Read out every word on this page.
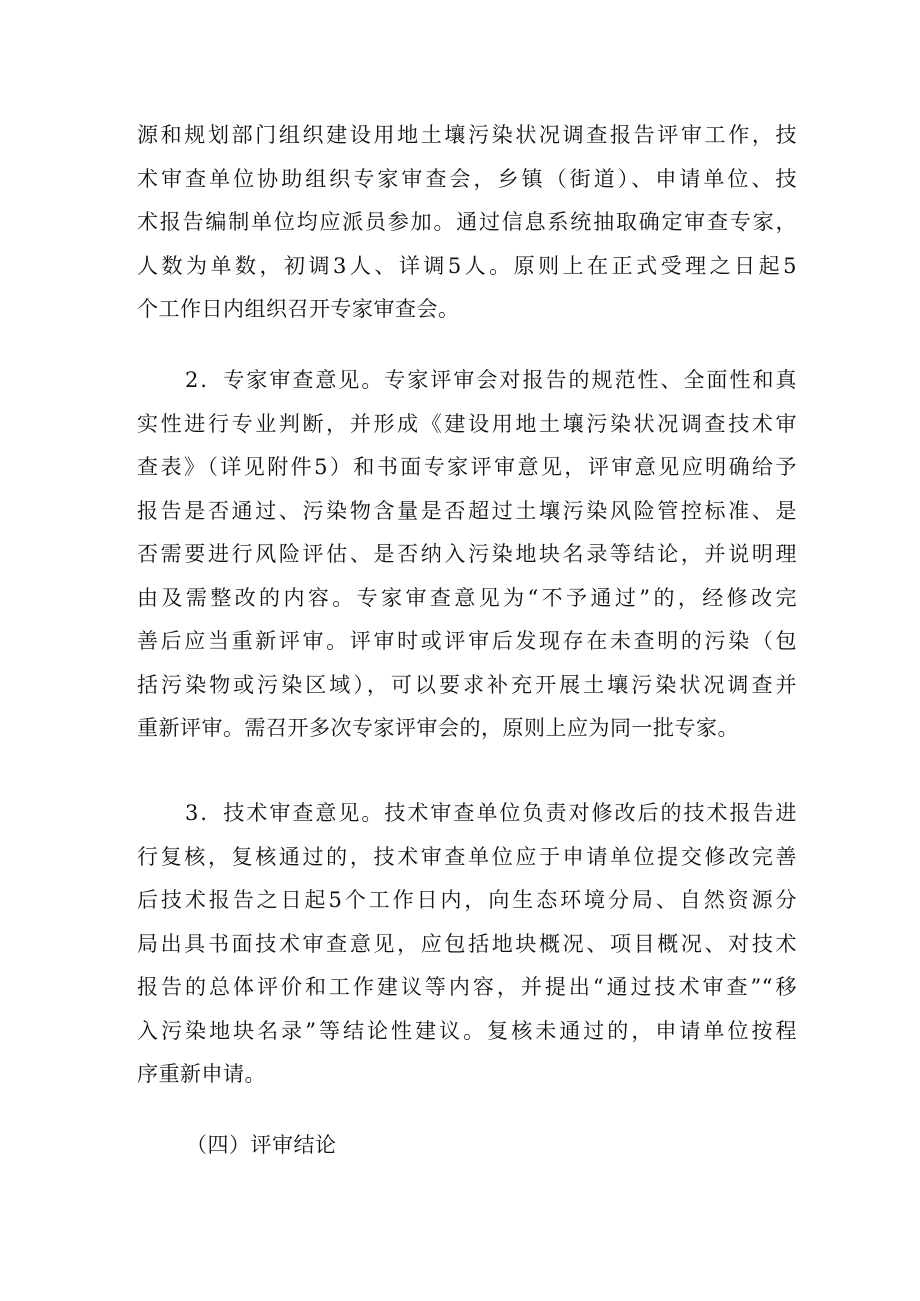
源和规划部门组织建设用地土壤污染状况调查报告评审工作，技
术审查单位协助组织专家审查会，乡镇（街道）、申请单位、技
术报告编制单位均应派员参加。通过信息系统抽取确定审查专家，
人数为单数，初调3人、详调5人。原则上在正式受理之日起5
个工作日内组织召开专家审查会。
2．专家审查意见。专家评审会对报告的规范性、全面性和真
实性进行专业判断，并形成《建设用地土壤污染状况调查技术审
查表》（详见附件5）和书面专家评审意见，评审意见应明确给予
报告是否通过、污染物含量是否超过土壤污染风险管控标准、是
否需要进行风险评估、是否纳入污染地块名录等结论，并说明理
由及需整改的内容。专家审查意见为“不予通过”的，经修改完
善后应当重新评审。评审时或评审后发现存在未查明的污染（包
括污染物或污染区域），可以要求补充开展土壤污染状况调查并
重新评审。需召开多次专家评审会的，原则上应为同一批专家。
3．技术审查意见。技术审查单位负责对修改后的技术报告进
行复核，复核通过的，技术审查单位应于申请单位提交修改完善
后技术报告之日起5个工作日内，向生态环境分局、自然资源分
局出具书面技术审查意见，应包括地块概况、项目概况、对技术
报告的总体评价和工作建议等内容，并提出“通过技术审查”“移
入污染地块名录”等结论性建议。复核未通过的，申请单位按程
序重新申请。
（四）评审结论
